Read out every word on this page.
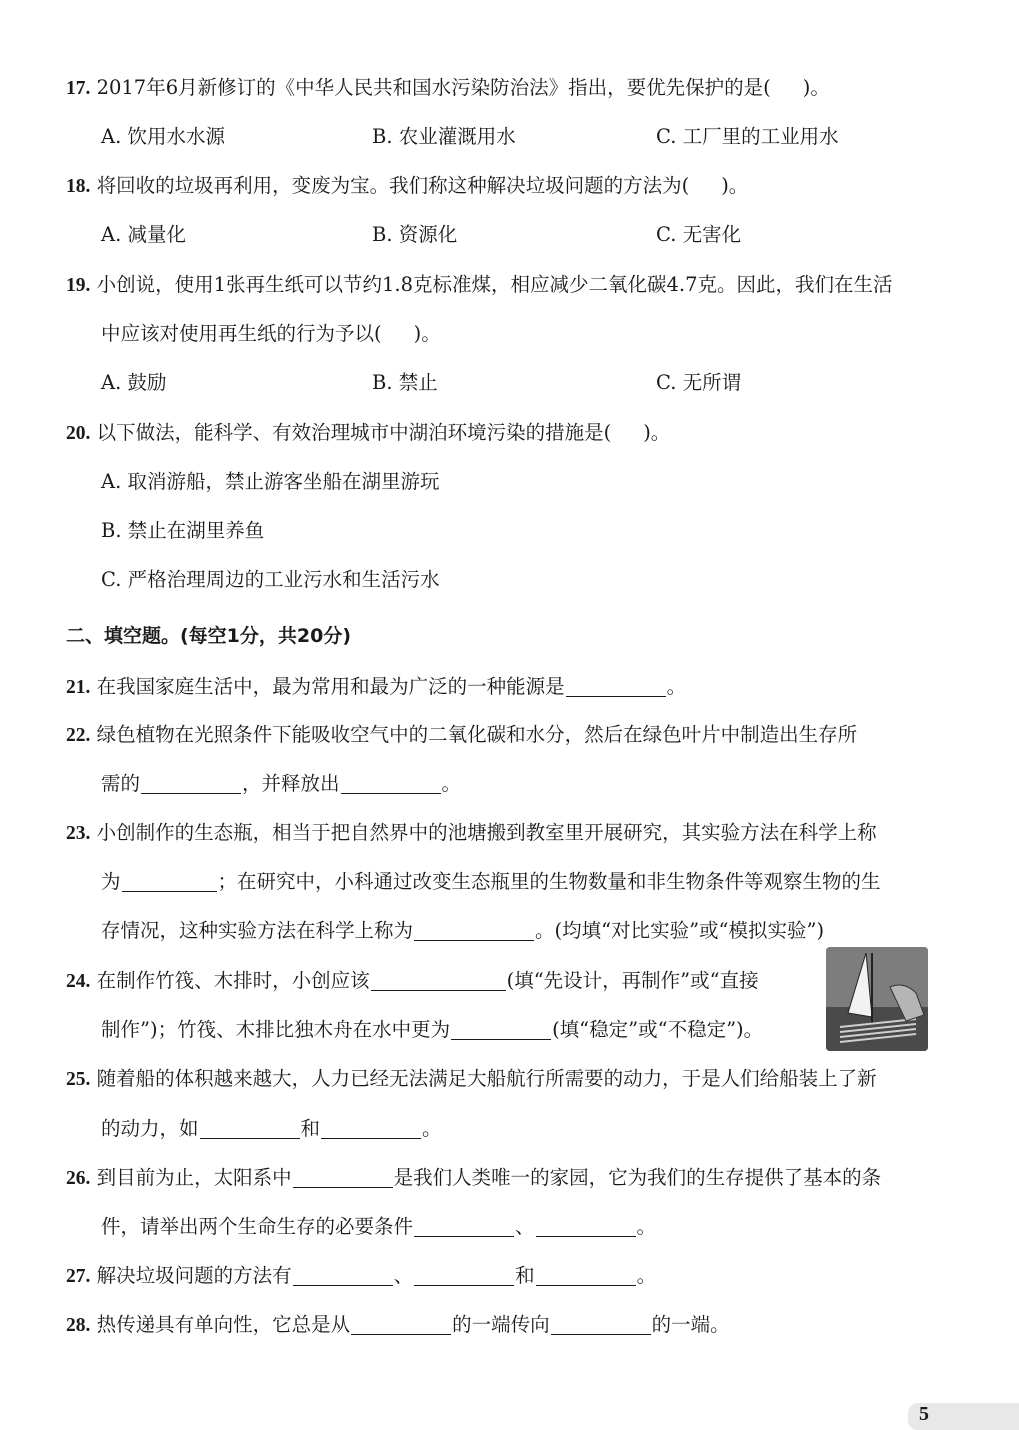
17. 2017年6月新修订的《中华人民共和国水污染防治法》指出，要优先保护的是( )。
A. 饮用水水源	B. 农业灌溉用水	C. 工厂里的工业用水
18. 将回收的垃圾再利用，变废为宝。我们称这种解决垃圾问题的方法为( )。
A. 减量化	B. 资源化	C. 无害化
19. 小创说，使用1张再生纸可以节约1.8克标准煤，相应减少二氧化碳4.7克。因此，我们在生活
中应该对使用再生纸的行为予以( )。
A. 鼓励	B. 禁止	C. 无所谓
20. 以下做法，能科学、有效治理城市中湖泊环境污染的措施是( )。
A. 取消游船，禁止游客坐船在湖里游玩
B. 禁止在湖里养鱼
C. 严格治理周边的工业污水和生活污水
二、填空题。(每空1分，共20分)
21. 在我国家庭生活中，最为常用和最为广泛的一种能源是	。
22. 绿色植物在光照条件下能吸收空气中的二氧化碳和水分，然后在绿色叶片中制造出生存所
需的	，并释放出	。
23. 小创制作的生态瓶，相当于把自然界中的池塘搬到教室里开展研究，其实验方法在科学上称
为	；在研究中，小科通过改变生态瓶里的生物数量和非生物条件等观察生物的生
存情况，这种实验方法在科学上称为	。(均填“对比实验”或“模拟实验”)
24. 在制作竹筏、木排时，小创应该	(填“先设计，再制作”或“直接
制作”)；竹筏、木排比独木舟在水中更为	(填“稳定”或“不稳定”)。
25. 随着船的体积越来越大，人力已经无法满足大船航行所需要的动力，于是人们给船装上了新
的动力，如	和	。
26. 到目前为止，太阳系中	是我们人类唯一的家园，它为我们的生存提供了基本的条
件，请举出两个生命生存的必要条件	、	。
27. 解决垃圾问题的方法有	、	和	。
28. 热传递具有单向性，它总是从	的一端传向	的一端。
5
